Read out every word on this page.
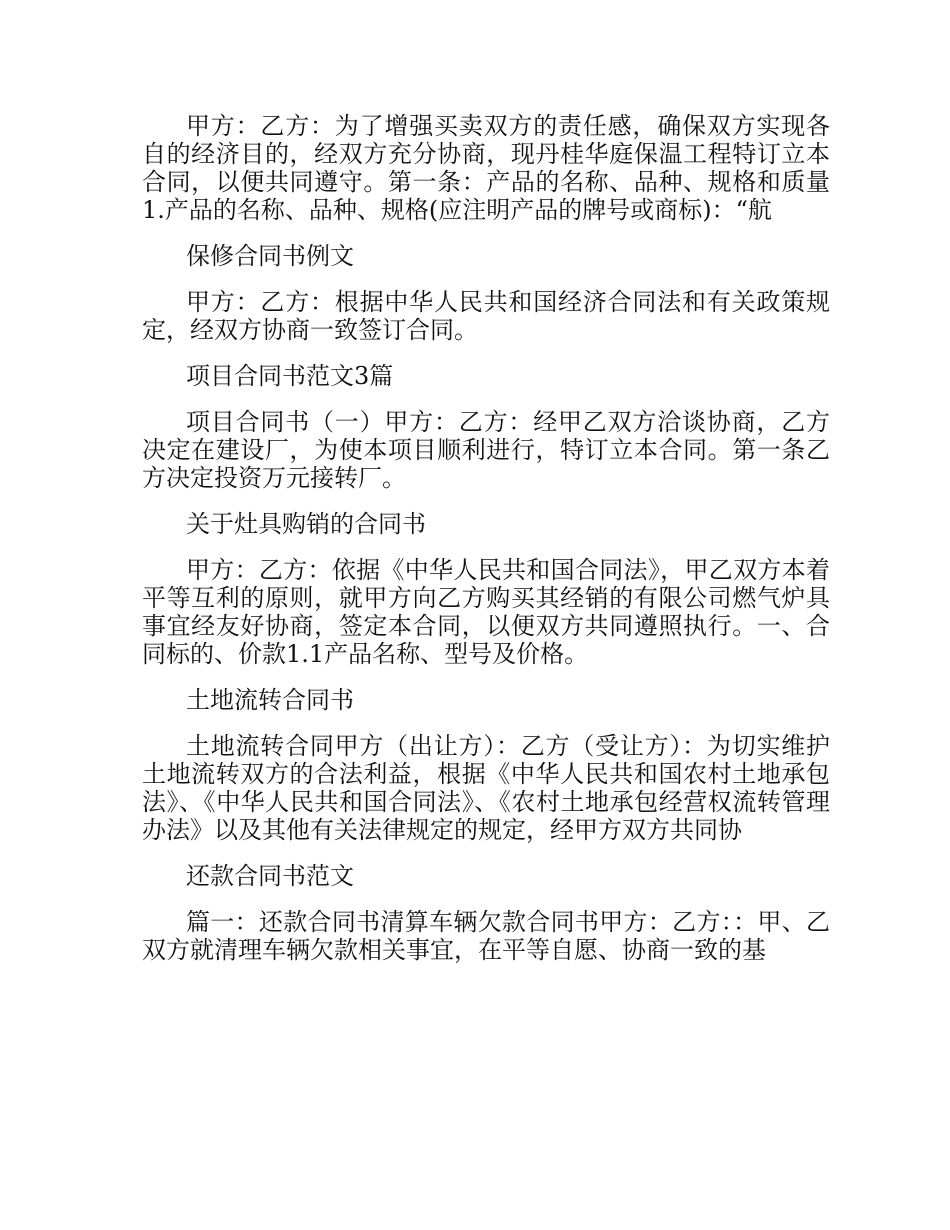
甲方：乙方：为了增强买卖双方的责任感，确保双方实现各自的经济目的，经双方充分协商，现丹桂华庭保温工程特订立本合同，以便共同遵守。第一条：产品的名称、品种、规格和质量1.产品的名称、品种、规格(应注明产品的牌号或商标)：“航

保修合同书例文

甲方：乙方：根据中华人民共和国经济合同法和有关政策规定，经双方协商一致签订合同。

项目合同书范文3篇

项目合同书（一）甲方：乙方：经甲乙双方洽谈协商，乙方决定在建设厂，为使本项目顺利进行，特订立本合同。第一条乙方决定投资万元接转厂。

关于灶具购销的合同书

甲方：乙方：依据《中华人民共和国合同法》，甲乙双方本着平等互利的原则，就甲方向乙方购买其经销的有限公司燃气炉具事宜经友好协商，签定本合同，以便双方共同遵照执行。一、合同标的、价款1.1产品名称、型号及价格。

土地流转合同书

土地流转合同甲方（出让方）：乙方（受让方）：为切实维护土地流转双方的合法利益，根据《中华人民共和国农村土地承包法》、《中华人民共和国合同法》、《农村土地承包经营权流转管理办法》以及其他有关法律规定的规定，经甲方双方共同协

还款合同书范文

篇一：还款合同书清算车辆欠款合同书甲方：乙方：：甲、乙双方就清理车辆欠款相关事宜，在平等自愿、协商一致的基
